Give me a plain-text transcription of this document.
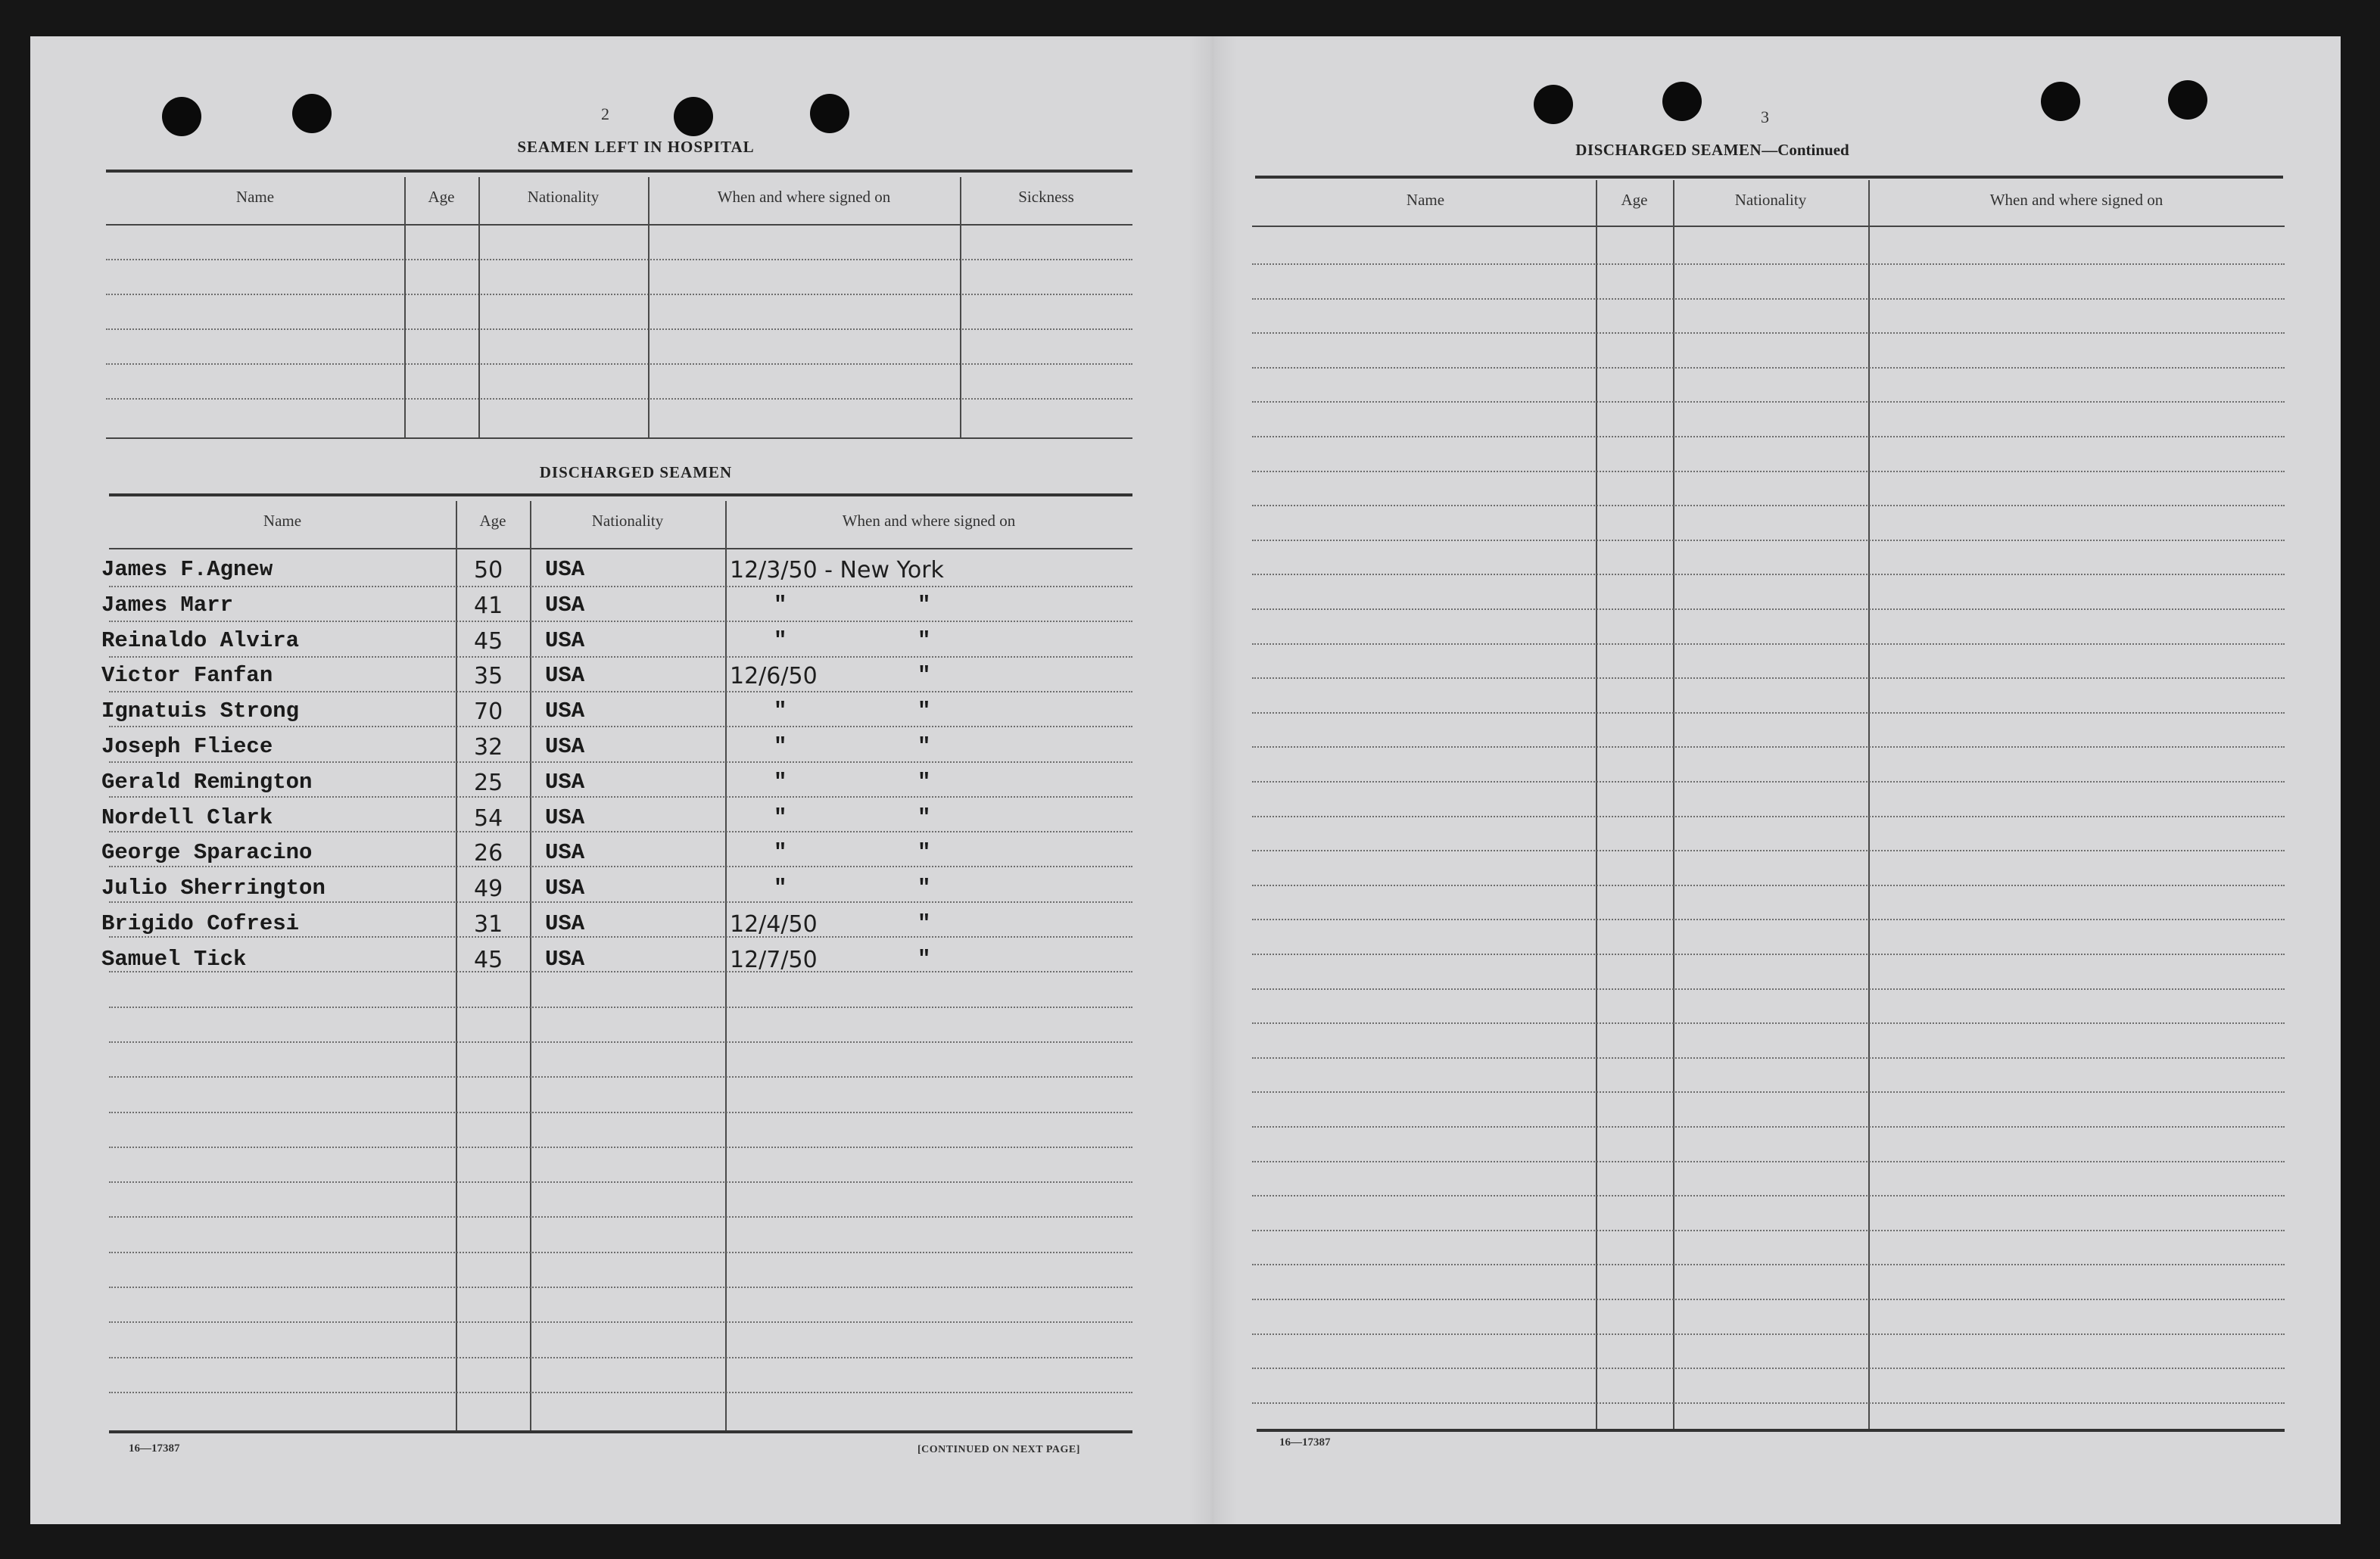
2
SEAMEN LEFT IN HOSPITAL
Name	Age	Nationality	When and where signed on	Sickness
DISCHARGED SEAMEN
Name	Age	Nationality	When and where signed on
James F.Agnew	50 USA	12/3/50 - New York
James Marr	41 USA	"	"
Reinaldo Alvira	45 USA	"	"
Victor Fanfan	35 USA	12/6/50	"
Ignatuis Strong	70 USA	"	"
Joseph Fliece	32 USA	"	"
Gerald Remington	25 USA	"	"
Nordell Clark	54 USA	"	"
George Sparacino	26 USA	"	"
Julio Sherrington	49 USA	"	"
Brigido Cofresi	31 USA	12/4/50	"
Samuel Tick	45 USA	12/7/50	"
16—17387	[CONTINUED ON NEXT PAGE]
3
DISCHARGED SEAMEN—Continued
Name	Age	Nationality	When and where signed on
16—17387
